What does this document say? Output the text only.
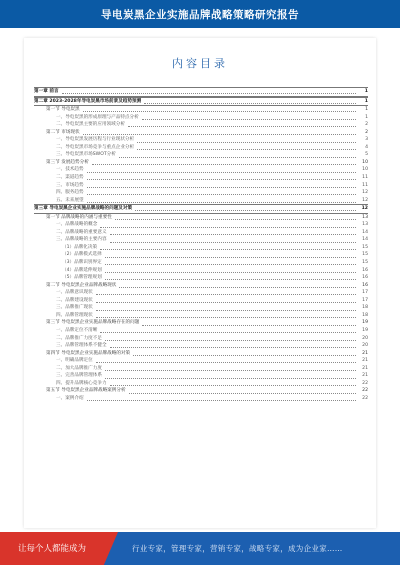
导电炭黑企业实施品牌战略策略研究报告
内容目录
第一章 前言	1
第二章 2023-2028年导电炭黑市场前景及趋势预测	1
第一节 导电炭黑	1
一、导电炭黑的形成原理与产品特点分析	1
二、导电炭黑主要的应用领域分析	2
第二节 市场现状	2
一、导电炭黑发展历程与行业现状分析	3
二、导电炭黑市场竞争与重点企业分析	4
三、导电炭黑市场SWOT分析	5
第三节 发展趋势分析	10
一、技术趋势	10
二、渠道趋势	11
三、市场趋势	11
四、服务趋势	12
五、未来展望	12
第三章 导电炭黑企业实施品牌战略的问题及对策	12
第一节 品牌战略的内涵与重要性	13
一、品牌战略的概念	13
二、品牌战略的重要意义	14
三、品牌战略的主要内容	14
（1）品牌化决策	15
（2）品牌模式选择	15
（3）品牌识别界定	15
（4）品牌延伸规划	16
（5）品牌管理规划	16
第二节 导电炭黑企业品牌战略现状	16
一、品牌意识现状	17
二、品牌建设现状	17
三、品牌推广现状	18
四、品牌管理现状	18
第三节 导电炭黑企业实施品牌战略存在的问题	19
一、品牌定位不清晰	19
二、品牌推广力度不足	20
三、品牌管理体系不健全	20
第四节 导电炭黑企业实施品牌战略的对策	21
一、明确品牌定位	21
二、加大品牌推广力度	21
三、完善品牌管理体系	21
四、提升品牌核心竞争力	22
第五节 导电炭黑企业品牌战略案例分析	22
一、案例介绍	22
让每个人都能成为	行业专家，管理专家，营销专家，战略专家，成为企业家……
